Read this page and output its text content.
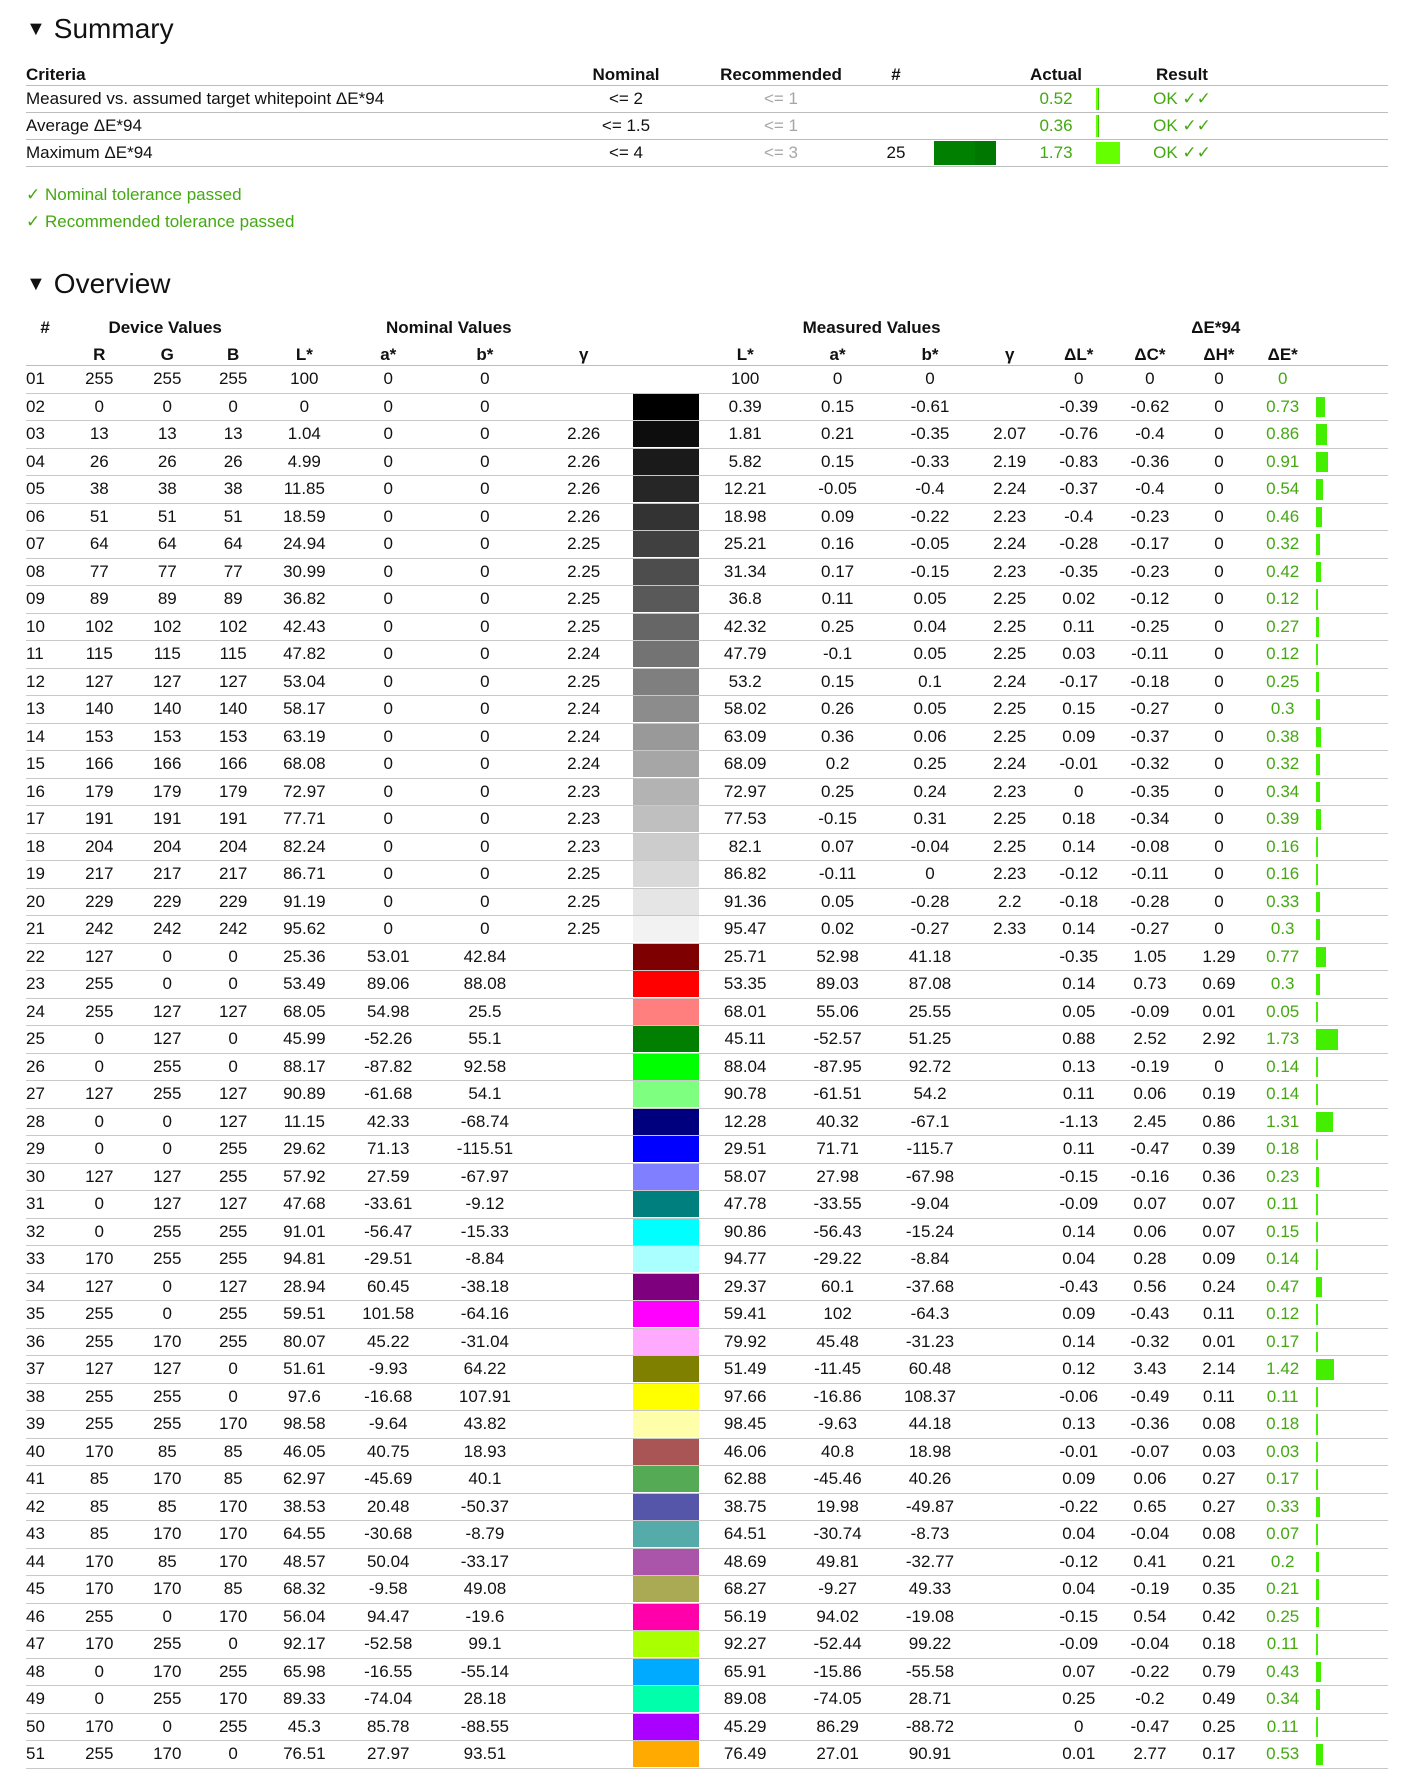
▼ Summary
Criteria	Nominal	Recommended	#			Actual		Result	
Measured vs. assumed target whitepoint ΔE*94	<= 2	<= 1				0.52		OK ✓✓	
Average ΔE*94	<= 1.5	<= 1				0.36		OK ✓✓	
Maximum ΔE*94	<= 4	<= 3	25			1.73		OK ✓✓	
✓ Nominal tolerance passed
✓ Recommended tolerance passed
▼ Overview
#	Device Values			Nominal Values					Measured Values				ΔE*94				
	R	G	B	L*	a*	b*	γ		L*	a*	b*	γ	ΔL*	ΔC*	ΔH*	ΔE*	
01	255	255	255	100	0	0			100	0	0		0	0	0	0	
02	0	0	0	0	0	0			0.39	0.15	-0.61		-0.39	-0.62	0	0.73	

03	13	13	13	1.04	0	0	2.26		1.81	0.21	-0.35	2.07	-0.76	-0.4	0	0.86	

04	26	26	26	4.99	0	0	2.26		5.82	0.15	-0.33	2.19	-0.83	-0.36	0	0.91	

05	38	38	38	11.85	0	0	2.26		12.21	-0.05	-0.4	2.24	-0.37	-0.4	0	0.54	

06	51	51	51	18.59	0	0	2.26		18.98	0.09	-0.22	2.23	-0.4	-0.23	0	0.46	

07	64	64	64	24.94	0	0	2.25		25.21	0.16	-0.05	2.24	-0.28	-0.17	0	0.32	

08	77	77	77	30.99	0	0	2.25		31.34	0.17	-0.15	2.23	-0.35	-0.23	0	0.42	

09	89	89	89	36.82	0	0	2.25		36.8	0.11	0.05	2.25	0.02	-0.12	0	0.12	

10	102	102	102	42.43	0	0	2.25		42.32	0.25	0.04	2.25	0.11	-0.25	0	0.27	

11	115	115	115	47.82	0	0	2.24		47.79	-0.1	0.05	2.25	0.03	-0.11	0	0.12	

12	127	127	127	53.04	0	0	2.25		53.2	0.15	0.1	2.24	-0.17	-0.18	0	0.25	

13	140	140	140	58.17	0	0	2.24		58.02	0.26	0.05	2.25	0.15	-0.27	0	0.3	

14	153	153	153	63.19	0	0	2.24		63.09	0.36	0.06	2.25	0.09	-0.37	0	0.38	

15	166	166	166	68.08	0	0	2.24		68.09	0.2	0.25	2.24	-0.01	-0.32	0	0.32	

16	179	179	179	72.97	0	0	2.23		72.97	0.25	0.24	2.23	0	-0.35	0	0.34	

17	191	191	191	77.71	0	0	2.23		77.53	-0.15	0.31	2.25	0.18	-0.34	0	0.39	

18	204	204	204	82.24	0	0	2.23		82.1	0.07	-0.04	2.25	0.14	-0.08	0	0.16	

19	217	217	217	86.71	0	0	2.25		86.82	-0.11	0	2.23	-0.12	-0.11	0	0.16	

20	229	229	229	91.19	0	0	2.25		91.36	0.05	-0.28	2.2	-0.18	-0.28	0	0.33	

21	242	242	242	95.62	0	0	2.25		95.47	0.02	-0.27	2.33	0.14	-0.27	0	0.3	

22	127	0	0	25.36	53.01	42.84			25.71	52.98	41.18		-0.35	1.05	1.29	0.77	

23	255	0	0	53.49	89.06	88.08			53.35	89.03	87.08		0.14	0.73	0.69	0.3	

24	255	127	127	68.05	54.98	25.5			68.01	55.06	25.55		0.05	-0.09	0.01	0.05	

25	0	127	0	45.99	-52.26	55.1			45.11	-52.57	51.25		0.88	2.52	2.92	1.73	

26	0	255	0	88.17	-87.82	92.58			88.04	-87.95	92.72		0.13	-0.19	0	0.14	

27	127	255	127	90.89	-61.68	54.1			90.78	-61.51	54.2		0.11	0.06	0.19	0.14	

28	0	0	127	11.15	42.33	-68.74			12.28	40.32	-67.1		-1.13	2.45	0.86	1.31	

29	0	0	255	29.62	71.13	-115.51			29.51	71.71	-115.7		0.11	-0.47	0.39	0.18	

30	127	127	255	57.92	27.59	-67.97			58.07	27.98	-67.98		-0.15	-0.16	0.36	0.23	

31	0	127	127	47.68	-33.61	-9.12			47.78	-33.55	-9.04		-0.09	0.07	0.07	0.11	

32	0	255	255	91.01	-56.47	-15.33			90.86	-56.43	-15.24		0.14	0.06	0.07	0.15	

33	170	255	255	94.81	-29.51	-8.84			94.77	-29.22	-8.84		0.04	0.28	0.09	0.14	

34	127	0	127	28.94	60.45	-38.18			29.37	60.1	-37.68		-0.43	0.56	0.24	0.47	

35	255	0	255	59.51	101.58	-64.16			59.41	102	-64.3		0.09	-0.43	0.11	0.12	

36	255	170	255	80.07	45.22	-31.04			79.92	45.48	-31.23		0.14	-0.32	0.01	0.17	

37	127	127	0	51.61	-9.93	64.22			51.49	-11.45	60.48		0.12	3.43	2.14	1.42	

38	255	255	0	97.6	-16.68	107.91			97.66	-16.86	108.37		-0.06	-0.49	0.11	0.11	

39	255	255	170	98.58	-9.64	43.82			98.45	-9.63	44.18		0.13	-0.36	0.08	0.18	

40	170	85	85	46.05	40.75	18.93			46.06	40.8	18.98		-0.01	-0.07	0.03	0.03	

41	85	170	85	62.97	-45.69	40.1			62.88	-45.46	40.26		0.09	0.06	0.27	0.17	

42	85	85	170	38.53	20.48	-50.37			38.75	19.98	-49.87		-0.22	0.65	0.27	0.33	

43	85	170	170	64.55	-30.68	-8.79			64.51	-30.74	-8.73		0.04	-0.04	0.08	0.07	

44	170	85	170	48.57	50.04	-33.17			48.69	49.81	-32.77		-0.12	0.41	0.21	0.2	

45	170	170	85	68.32	-9.58	49.08			68.27	-9.27	49.33		0.04	-0.19	0.35	0.21	

46	255	0	170	56.04	94.47	-19.6			56.19	94.02	-19.08		-0.15	0.54	0.42	0.25	

47	170	255	0	92.17	-52.58	99.1			92.27	-52.44	99.22		-0.09	-0.04	0.18	0.11	

48	0	170	255	65.98	-16.55	-55.14			65.91	-15.86	-55.58		0.07	-0.22	0.79	0.43	

49	0	255	170	89.33	-74.04	28.18			89.08	-74.05	28.71		0.25	-0.2	0.49	0.34	

50	170	0	255	45.3	85.78	-88.55			45.29	86.29	-88.72		0	-0.47	0.25	0.11	

51	255	170	0	76.51	27.97	93.51			76.49	27.01	90.91		0.01	2.77	0.17	0.53	
